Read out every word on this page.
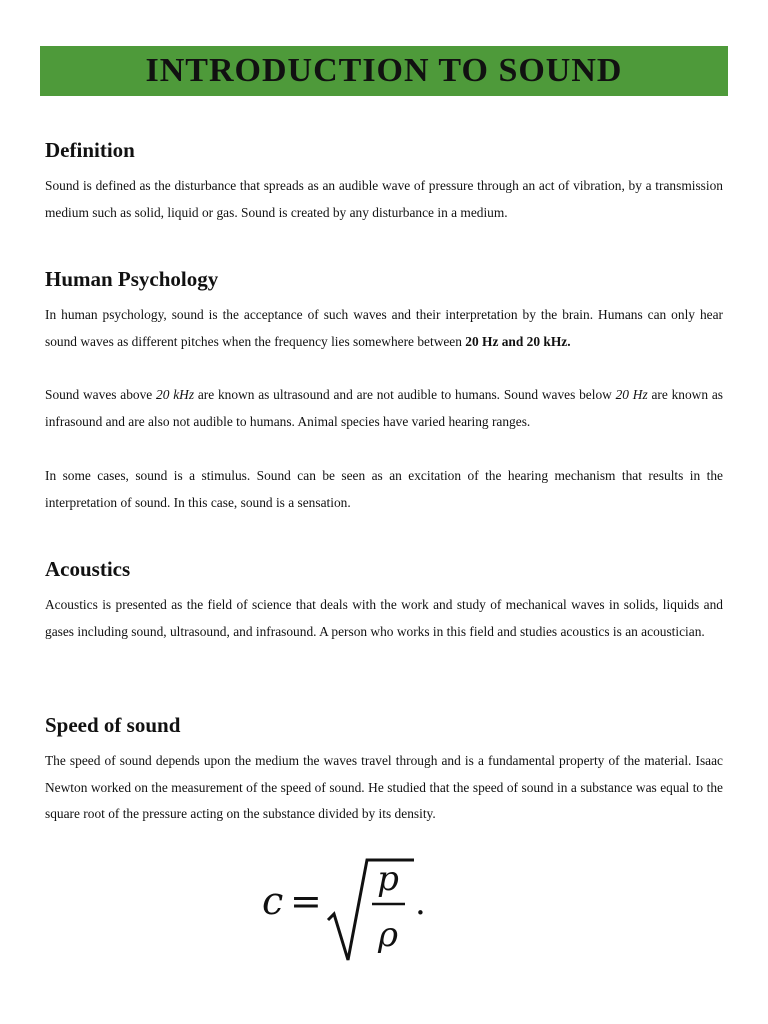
INTRODUCTION TO SOUND
Definition

Sound is defined as the disturbance that spreads as an audible wave of pressure through an act of vibration, by a transmission medium such as solid, liquid or gas. Sound is created by any disturbance in a medium.

Human Psychology

In human psychology, sound is the acceptance of such waves and their interpretation by the brain. Humans can only hear sound waves as different pitches when the frequency lies somewhere between 20 Hz and 20 kHz.

Sound waves above 20 kHz are known as ultrasound and are not audible to humans. Sound waves below 20 Hz are known as infrasound and are also not audible to humans. Animal species have varied hearing ranges.

In some cases, sound is a stimulus. Sound can be seen as an excitation of the hearing mechanism that results in the interpretation of sound. In this case, sound is a sensation.

Acoustics

Acoustics is presented as the field of science that deals with the work and study of mechanical waves in solids, liquids and gases including sound, ultrasound, and infrasound. A person who works in this field and studies acoustics is an acoustician.

Speed of sound

The speed of sound depends upon the medium the waves travel through and is a fundamental property of the material. Isaac Newton worked on the measurement of the speed of sound. He studied that the speed of sound in a substance was equal to the square root of the pressure acting on the substance divided by its density.

c = p
ρ
.
